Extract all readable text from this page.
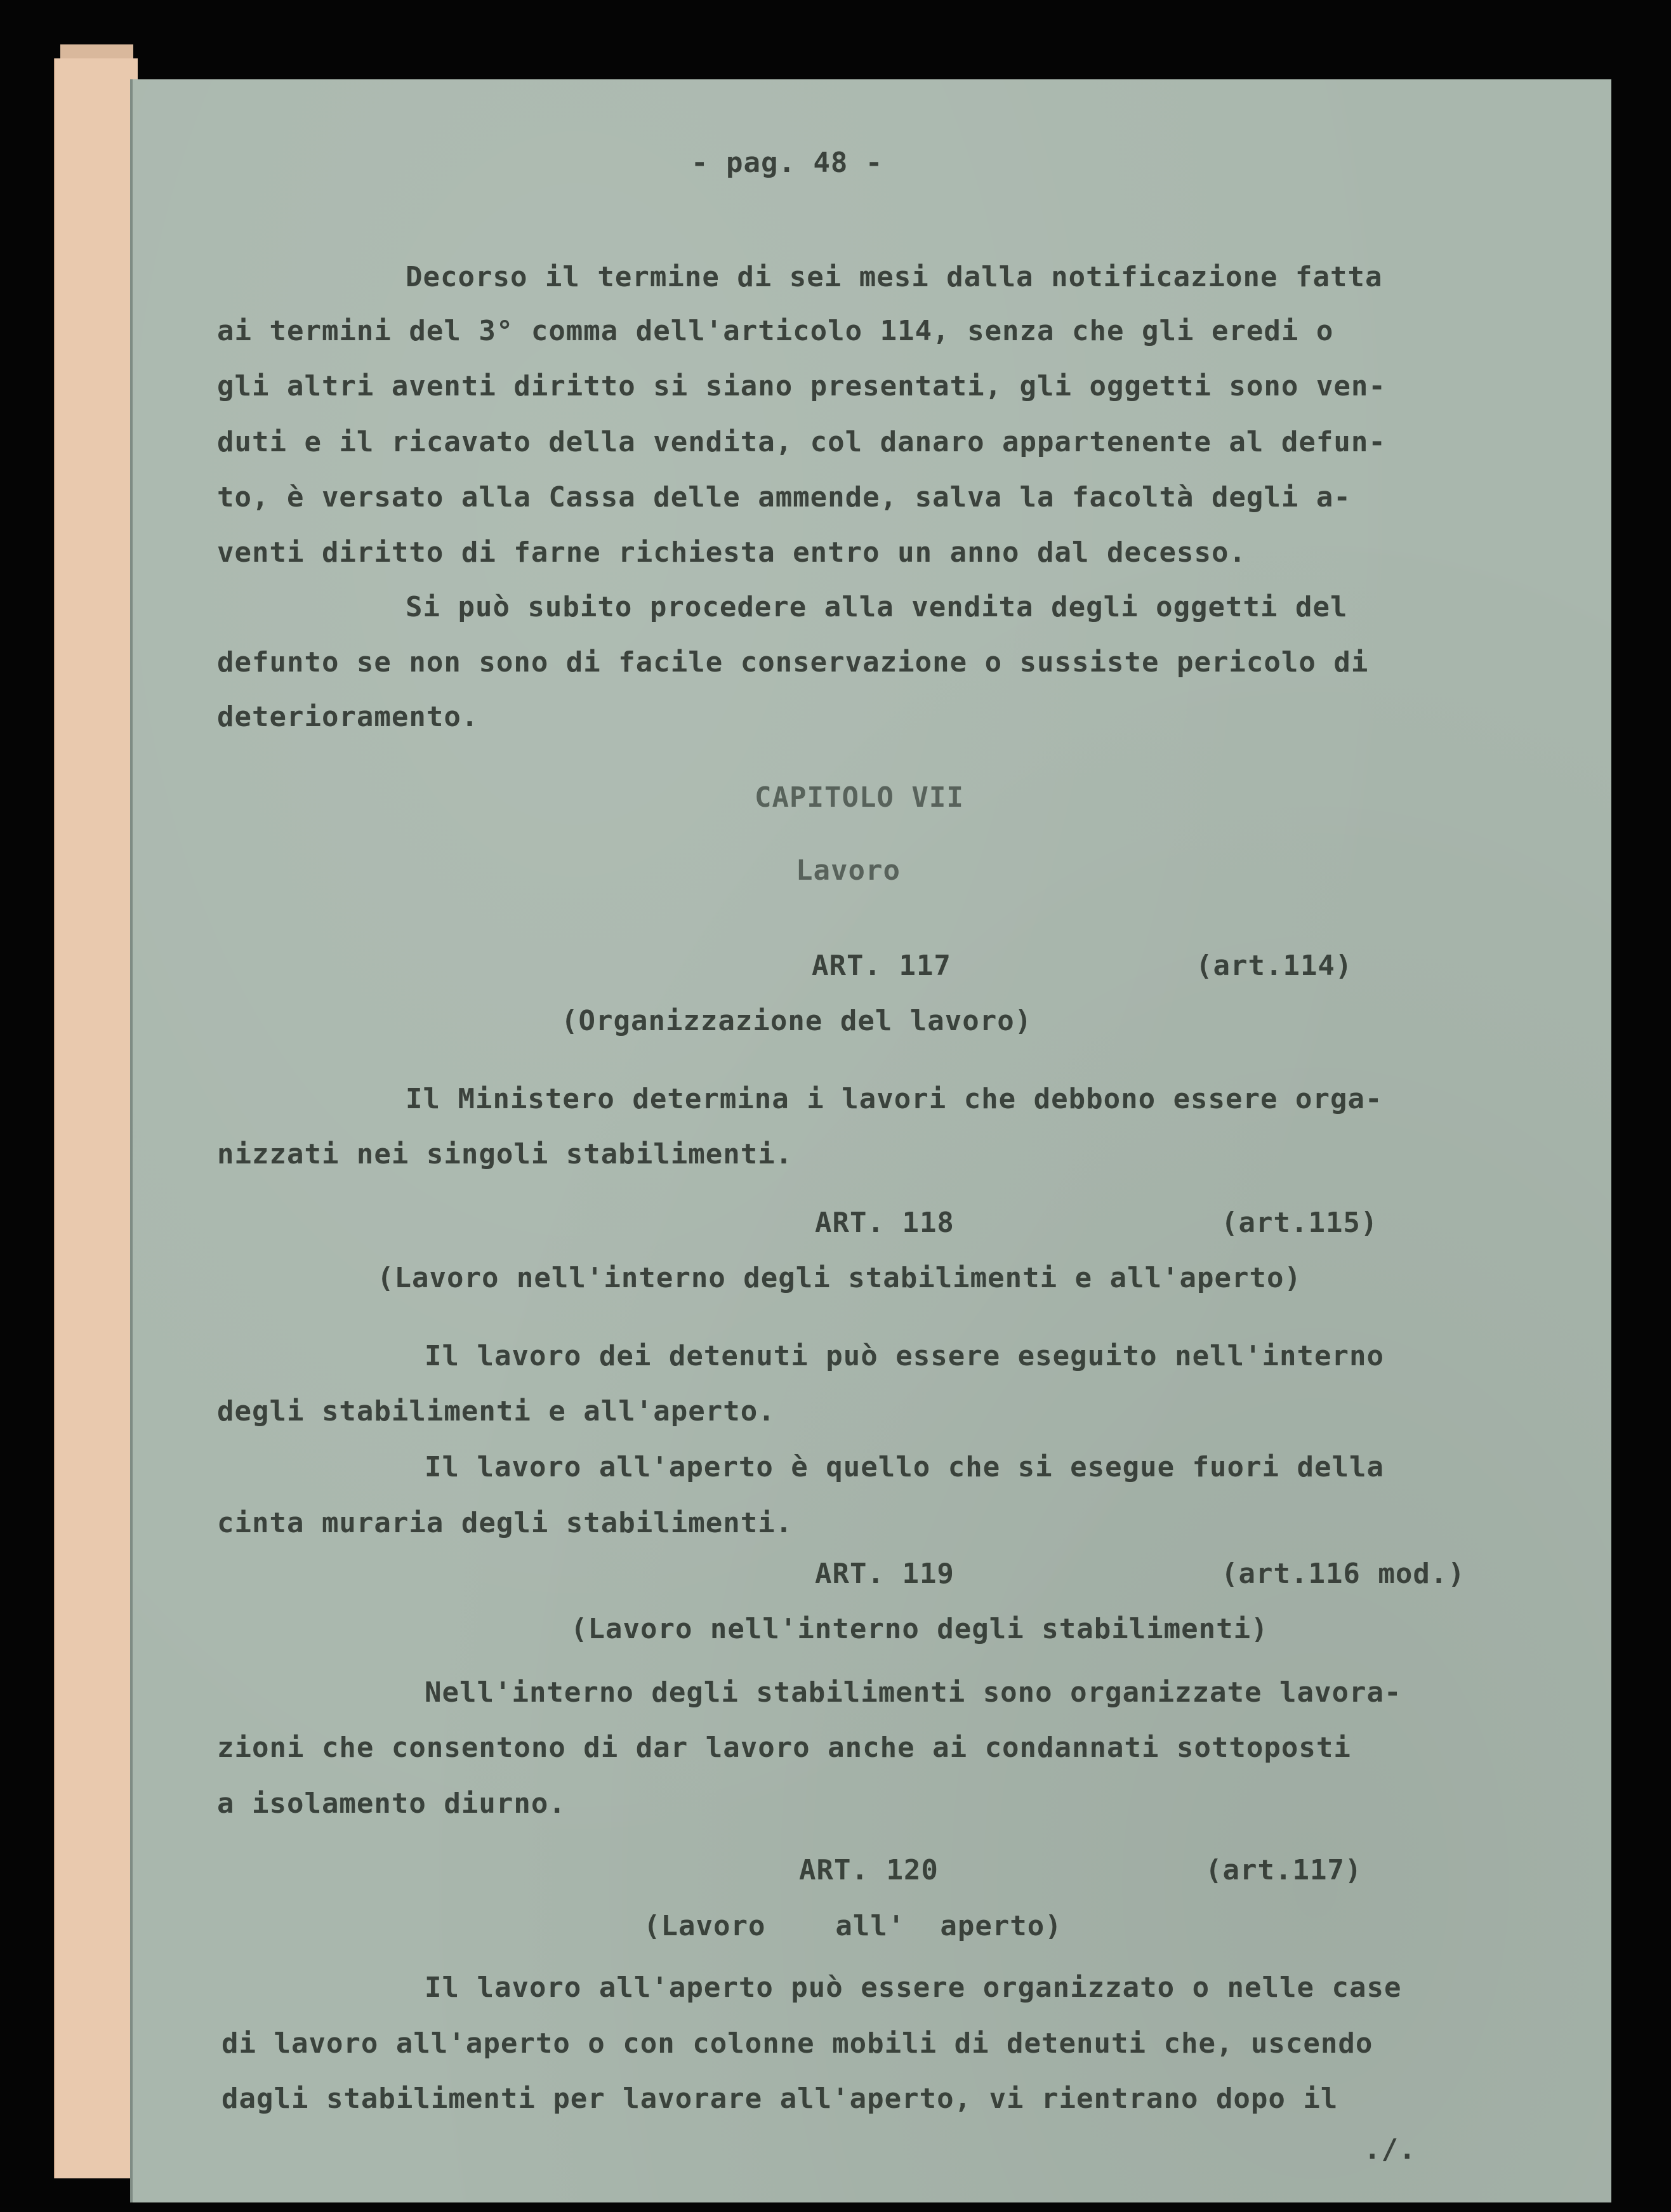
- pag. 48 -
Decorso il termine di sei mesi dalla notificazione fatta
ai termini del 3° comma dell'articolo 114, senza che gli eredi o
gli altri aventi diritto si siano presentati, gli oggetti sono ven-
duti e il ricavato della vendita, col danaro appartenente al defun-
to, è versato alla Cassa delle ammende, salva la facoltà degli a-
venti diritto di farne richiesta entro un anno dal decesso.
Si può subito procedere alla vendita degli oggetti del
defunto se non sono di facile conservazione o sussiste pericolo di
deterioramento.
CAPITOLO VII
Lavoro
ART. 117	(art.114)
(Organizzazione del lavoro)
Il Ministero determina i lavori che debbono essere orga-
nizzati nei singoli stabilimenti.
ART. 118	(art.115)
(Lavoro nell'interno degli stabilimenti e all'aperto)
Il lavoro dei detenuti può essere eseguito nell'interno
degli stabilimenti e all'aperto.
Il lavoro all'aperto è quello che si esegue fuori della
cinta muraria degli stabilimenti.
ART. 119	(art.116 mod.)
(Lavoro nell'interno degli stabilimenti)
Nell'interno degli stabilimenti sono organizzate lavora-
zioni che consentono di dar lavoro anche ai condannati sottoposti
a isolamento diurno.
ART. 120	(art.117)
(Lavoro    all'  aperto)
Il lavoro all'aperto può essere organizzato o nelle case
di lavoro all'aperto o con colonne mobili di detenuti che, uscendo
dagli stabilimenti per lavorare all'aperto, vi rientrano dopo il
./.
